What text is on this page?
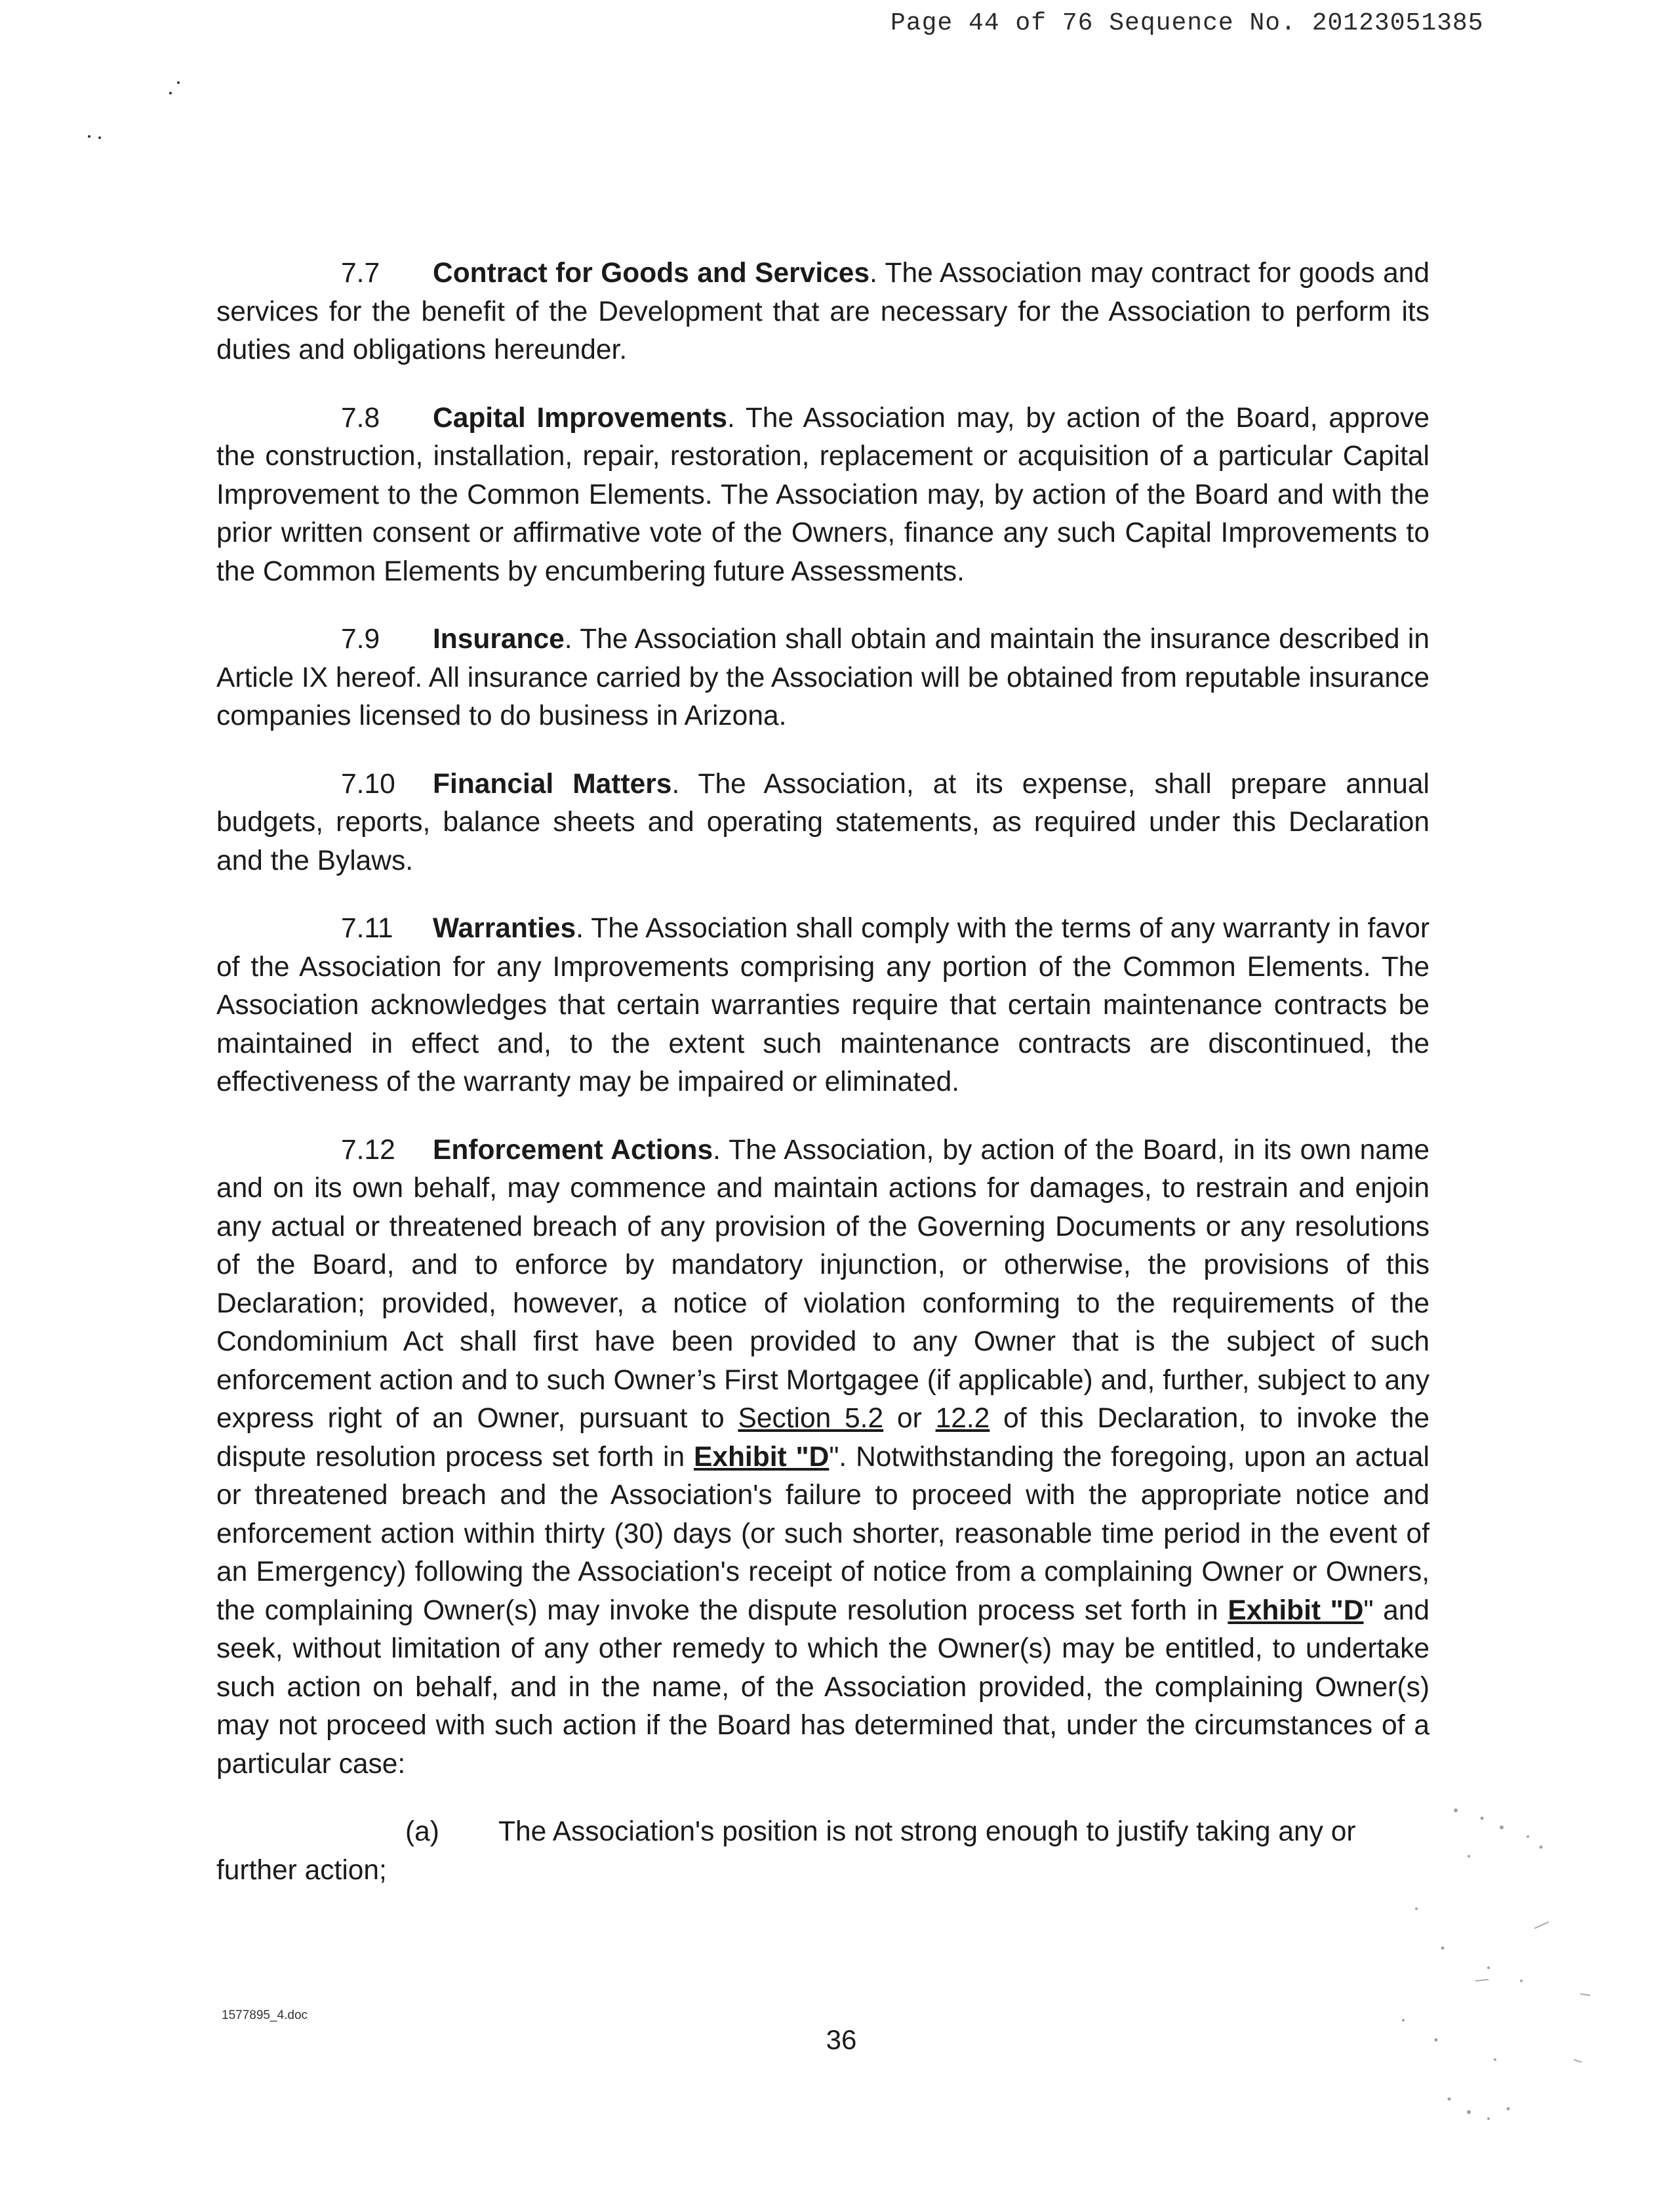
Page 44 of 76 Sequence No. 20123051385

7.7 Contract for Goods and Services. The Association may contract for goods and services for the benefit of the Development that are necessary for the Association to perform its duties and obligations hereunder.

7.8 Capital Improvements. The Association may, by action of the Board, approve the construction, installation, repair, restoration, replacement or acquisition of a particular Capital Improvement to the Common Elements. The Association may, by action of the Board and with the prior written consent or affirmative vote of the Owners, finance any such Capital Improvements to the Common Elements by encumbering future Assessments.

7.9 Insurance. The Association shall obtain and maintain the insurance described in Article IX hereof. All insurance carried by the Association will be obtained from reputable insurance companies licensed to do business in Arizona.

7.10 Financial Matters. The Association, at its expense, shall prepare annual budgets, reports, balance sheets and operating statements, as required under this Declaration and the Bylaws.

7.11 Warranties. The Association shall comply with the terms of any warranty in favor of the Association for any Improvements comprising any portion of the Common Elements. The Association acknowledges that certain warranties require that certain maintenance contracts be maintained in effect and, to the extent such maintenance contracts are discontinued, the effectiveness of the warranty may be impaired or eliminated.

7.12 Enforcement Actions. The Association, by action of the Board, in its own name and on its own behalf, may commence and maintain actions for damages, to restrain and enjoin any actual or threatened breach of any provision of the Governing Documents or any resolutions of the Board, and to enforce by mandatory injunction, or otherwise, the provisions of this Declaration; provided, however, a notice of violation conforming to the requirements of the Condominium Act shall first have been provided to any Owner that is the subject of such enforcement action and to such Owner’s First Mortgagee (if applicable) and, further, subject to any express right of an Owner, pursuant to Section 5.2 or 12.2 of this Declaration, to invoke the dispute resolution process set forth in Exhibit "D". Notwithstanding the foregoing, upon an actual or threatened breach and the Association's failure to proceed with the appropriate notice and enforcement action within thirty (30) days (or such shorter, reasonable time period in the event of an Emergency) following the Association's receipt of notice from a complaining Owner or Owners, the complaining Owner(s) may invoke the dispute resolution process set forth in Exhibit "D" and seek, without limitation of any other remedy to which the Owner(s) may be entitled, to undertake such action on behalf, and in the name, of the Association provided, the complaining Owner(s) may not proceed with such action if the Board has determined that, under the circumstances of a particular case:

(a) The Association's position is not strong enough to justify taking any or
further action;

1577895_4.doc
36
